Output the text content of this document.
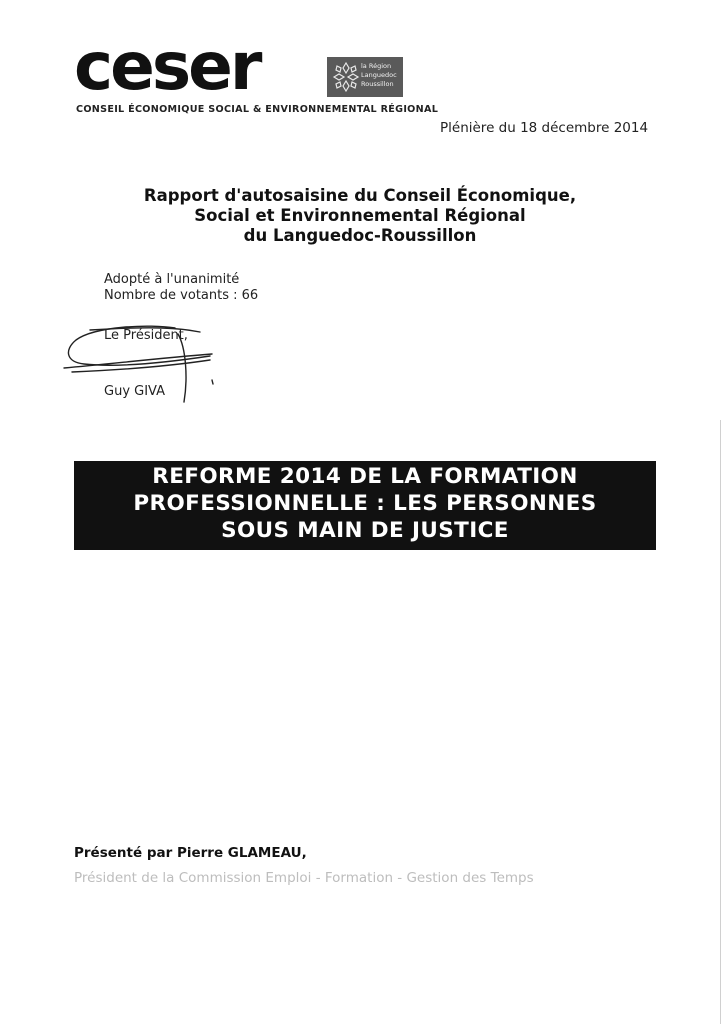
ceser	la Région
Languedoc
Roussillon
CONSEIL ÉCONOMIQUE SOCIAL & ENVIRONNEMENTAL RÉGIONAL
Plénière du 18 décembre 2014
Rapport d'autosaisine du Conseil Économique,
Social et Environnemental Régional
du Languedoc-Roussillon
Adopté à l'unanimité
Nombre de votants : 66
Le Président,
Guy GIVA
REFORME 2014 DE LA FORMATION
PROFESSIONNELLE : LES PERSONNES
SOUS MAIN DE JUSTICE
Présenté par Pierre GLAMEAU,
Président de la Commission Emploi - Formation - Gestion des Temps
